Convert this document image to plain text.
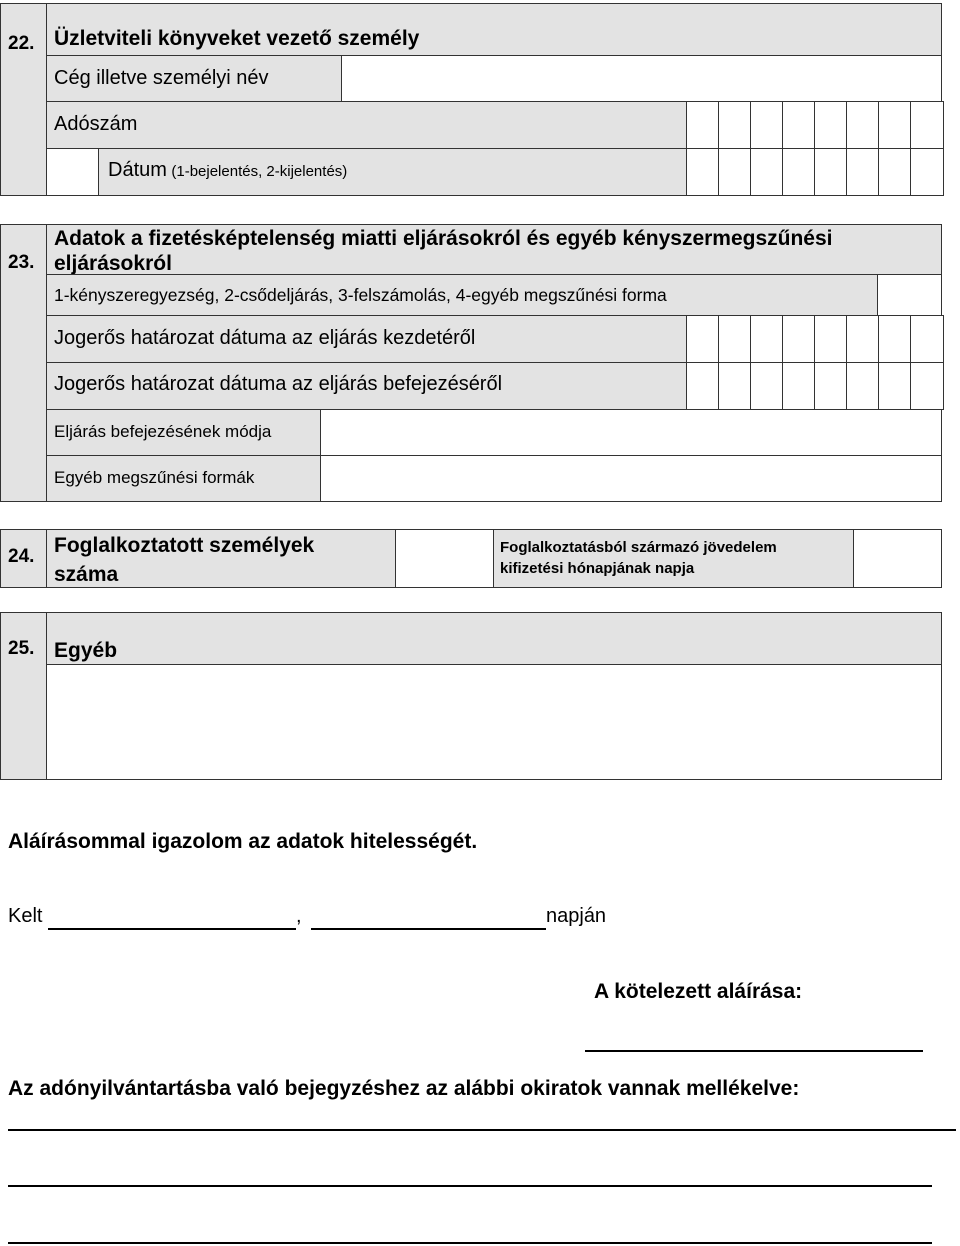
22. Üzletviteli könyveket vezető személy
Cég illetve személyi név
Adószám
Dátum (1-bejelentés, 2-kijelentés)
23.
Adatok a fizetésképtelenség miatti eljárásokról és egyéb kényszermegszűnési eljárásokról
1-kényszeregyezség, 2-csődeljárás, 3-felszámolás, 4-egyéb megszűnési forma
Jogerős határozat dátuma az eljárás kezdetéről
Jogerős határozat dátuma az eljárás befejezéséről
Eljárás befejezésének módja
Egyéb megszűnési formák
24. Foglalkoztatott személyek száma
Foglalkoztatásból származó jövedelem kifizetési hónapjának napja
25. Egyéb
Aláírásommal igazolom az adatok hitelességét.
Kelt	,	napján
A kötelezett aláírása:
Az adónyilvántartásba való bejegyzéshez az alábbi okiratok vannak mellékelve:
